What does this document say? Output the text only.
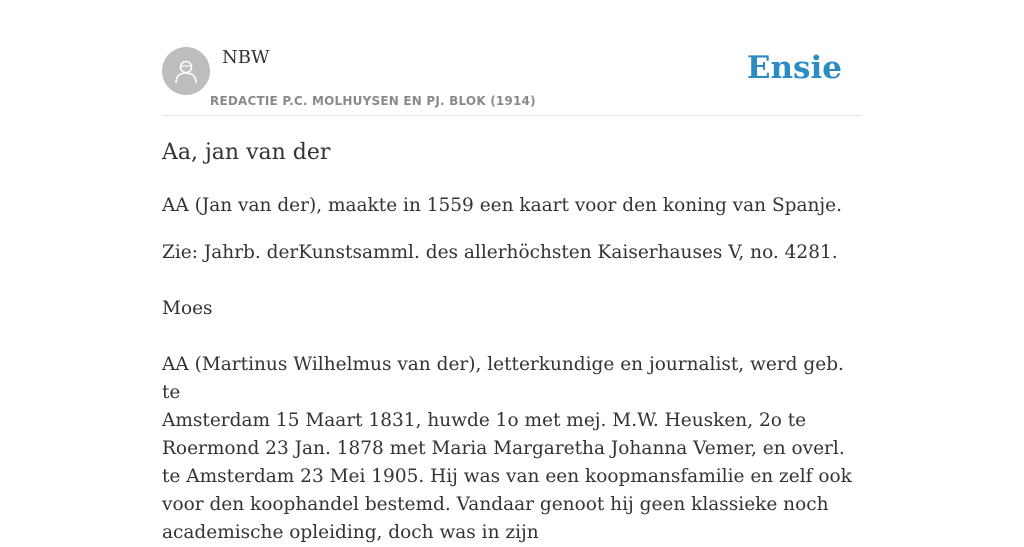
NBW
REDACTIE P.C. MOLHUYSEN EN PJ. BLOK (1914)
Ensie
Aa, jan van der

AA (Jan van der), maakte in 1559 een kaart voor den koning van Spanje.

Zie: Jahrb. derKunstsamml. des allerhöchsten Kaiserhauses V, no. 4281.

Moes

AA (Martinus Wilhelmus van der), letterkundige en journalist, werd geb. te

Amsterdam 15 Maart 1831, huwde 1o met mej. M.W. Heusken, 2o te Roermond 23 Jan. 1878 met Maria Margaretha Johanna Vemer, en overl. te Amsterdam 23 Mei 1905. Hij was van een koopmansfamilie en zelf ook voor den koophandel bestemd. Vandaar genoot hij geen klassieke noch academische opleiding, doch was in zijn
